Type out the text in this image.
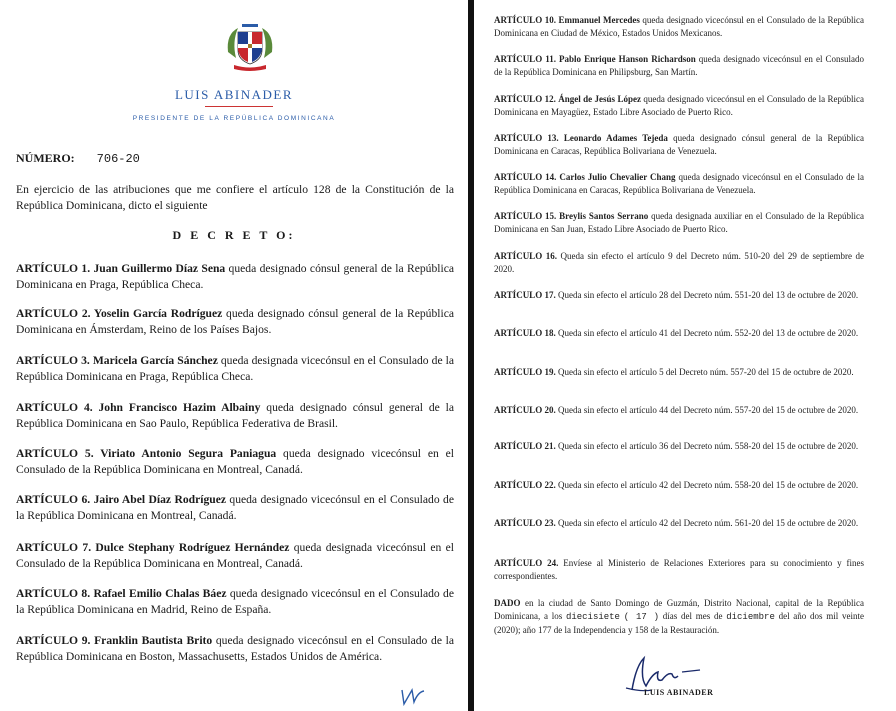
LUIS ABINADER
PRESIDENTE DE LA REPÚBLICA DOMINICANA
NÚMERO: 706-20
En ejercicio de las atribuciones que me confiere el artículo 128 de la Constitución de la República Dominicana, dicto el siguiente
D E C R E T O:
ARTÍCULO 1. Juan Guillermo Díaz Sena queda designado cónsul general de la República Dominicana en Praga, República Checa.
ARTÍCULO 2. Yoselin García Rodríguez queda designado cónsul general de la República Dominicana en Ámsterdam, Reino de los Países Bajos.
ARTÍCULO 3. Maricela García Sánchez queda designada vicecónsul en el Consulado de la República Dominicana en Praga, República Checa.
ARTÍCULO 4. John Francisco Hazim Albainy queda designado cónsul general de la República Dominicana en Sao Paulo, República Federativa de Brasil.
ARTÍCULO 5. Viriato Antonio Segura Paniagua queda designado vicecónsul en el Consulado de la República Dominicana en Montreal, Canadá.
ARTÍCULO 6. Jairo Abel Díaz Rodríguez queda designado vicecónsul en el Consulado de la República Dominicana en Montreal, Canadá.
ARTÍCULO 7. Dulce Stephany Rodríguez Hernández queda designada vicecónsul en el Consulado de la República Dominicana en Montreal, Canadá.
ARTÍCULO 8. Rafael Emilio Chalas Báez queda designado vicecónsul en el Consulado de la República Dominicana en Madrid, Reino de España.
ARTÍCULO 9. Franklin Bautista Brito queda designado vicecónsul en el Consulado de la República Dominicana en Boston, Massachusetts, Estados Unidos de América.
ARTÍCULO 10. Emmanuel Mercedes queda designado vicecónsul en el Consulado de la República Dominicana en Ciudad de México, Estados Unidos Mexicanos.
ARTÍCULO 11. Pablo Enrique Hanson Richardson queda designado vicecónsul en el Consulado de la República Dominicana en Philipsburg, San Martín.
ARTÍCULO 12. Ángel de Jesús López queda designado vicecónsul en el Consulado de la República Dominicana en Mayagüez, Estado Libre Asociado de Puerto Rico.
ARTÍCULO 13. Leonardo Adames Tejeda queda designado cónsul general de la República Dominicana en Caracas, República Bolivariana de Venezuela.
ARTÍCULO 14. Carlos Julio Chevalier Chang queda designado vicecónsul en el Consulado de la República Dominicana en Caracas, República Bolivariana de Venezuela.
ARTÍCULO 15. Breylis Santos Serrano queda designada auxiliar en el Consulado de la República Dominicana en San Juan, Estado Libre Asociado de Puerto Rico.
ARTÍCULO 16. Queda sin efecto el artículo 9 del Decreto núm. 510-20 del 29 de septiembre de 2020.
ARTÍCULO 17. Queda sin efecto el artículo 28 del Decreto núm. 551-20 del 13 de octubre de 2020.
ARTÍCULO 18. Queda sin efecto el artículo 41 del Decreto núm. 552-20 del 13 de octubre de 2020.
ARTÍCULO 19. Queda sin efecto el artículo 5 del Decreto núm. 557-20 del 15 de octubre de 2020.
ARTÍCULO 20. Queda sin efecto el artículo 44 del Decreto núm. 557-20 del 15 de octubre de 2020.
ARTÍCULO 21. Queda sin efecto el artículo 36 del Decreto núm. 558-20 del 15 de octubre de 2020.
ARTÍCULO 22. Queda sin efecto el artículo 42 del Decreto núm. 558-20 del 15 de octubre de 2020.
ARTÍCULO 23. Queda sin efecto el artículo 42 del Decreto núm. 561-20 del 15 de octubre de 2020.
ARTÍCULO 24. Envíese al Ministerio de Relaciones Exteriores para su conocimiento y fines correspondientes.
DADO en la ciudad de Santo Domingo de Guzmán, Distrito Nacional, capital de la República Dominicana, a los diecisiete ( 17 ) días del mes de diciembre del año dos mil veinte (2020); año 177 de la Independencia y 158 de la Restauración.
LUIS ABINADER
